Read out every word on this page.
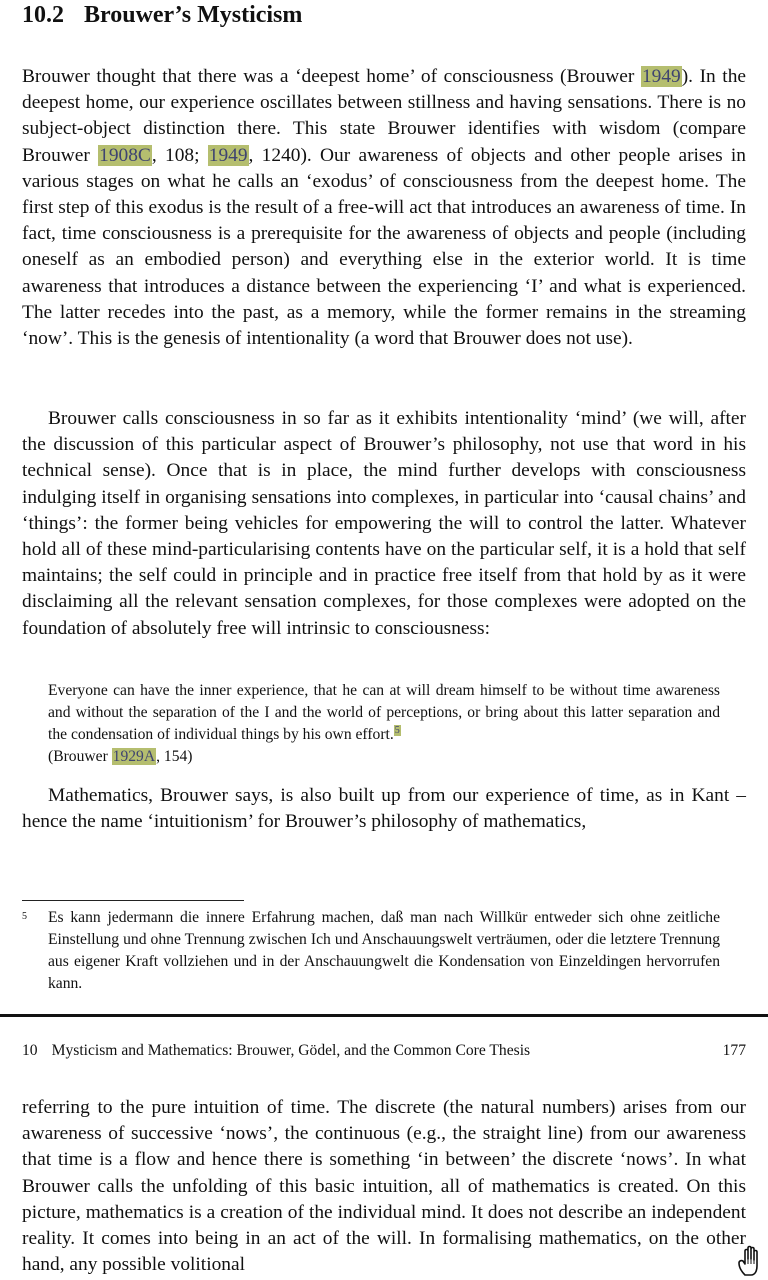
10.2 Brouwer’s Mysticism
Brouwer thought that there was a ‘deepest home’ of consciousness (Brouwer 1949). In the deepest home, our experience oscillates between stillness and having sensations. There is no subject-object distinction there. This state Brouwer identifies with wisdom (compare Brouwer 1908C, 108; 1949, 1240). Our awareness of objects and other people arises in various stages on what he calls an ‘exodus’ of consciousness from the deepest home. The first step of this exodus is the result of a free-will act that introduces an awareness of time. In fact, time consciousness is a prerequisite for the awareness of objects and people (including oneself as an embodied person) and everything else in the exterior world. It is time awareness that introduces a distance between the experiencing ‘I’ and what is experienced. The latter recedes into the past, as a memory, while the former remains in the streaming ‘now’. This is the genesis of intentionality (a word that Brouwer does not use).
Brouwer calls consciousness in so far as it exhibits intentionality ‘mind’ (we will, after the discussion of this particular aspect of Brouwer’s philosophy, not use that word in his technical sense). Once that is in place, the mind further develops with consciousness indulging itself in organising sensations into complexes, in particular into ‘causal chains’ and ‘things’: the former being vehicles for empowering the will to control the latter. Whatever hold all of these mind-particularising contents have on the particular self, it is a hold that self maintains; the self could in principle and in practice free itself from that hold by as it were disclaiming all the relevant sensation complexes, for those complexes were adopted on the foundation of absolutely free will intrinsic to consciousness:
Everyone can have the inner experience, that he can at will dream himself to be without time awareness and without the separation of the I and the world of perceptions, or bring about this latter separation and the condensation of individual things by his own effort.$^5$
(Brouwer 1929A, 154)
Mathematics, Brouwer says, is also built up from our experience of time, as in Kant – hence the name ‘intuitionism’ for Brouwer’s philosophy of mathematics,
5 Es kann jedermann die innere Erfahrung machen, daß man nach Willkür entweder sich ohne zeitliche Einstellung und ohne Trennung zwischen Ich und Anschauungswelt verträumen, oder die letztere Trennung aus eigener Kraft vollziehen und in der Anschauungwelt die Kondensation von Einzeldingen hervorrufen kann.
10 Mysticism and Mathematics: Brouwer, Gödel, and the Common Core Thesis	177
referring to the pure intuition of time. The discrete (the natural numbers) arises from our awareness of successive ‘nows’, the continuous (e.g., the straight line) from our awareness that time is a flow and hence there is something ‘in between’ the discrete ‘nows’. In what Brouwer calls the unfolding of this basic intuition, all of mathematics is created. On this picture, mathematics is a creation of the individual mind. It does not describe an independent reality. It comes into being in an act of the will. In formalising mathematics, on the other hand, any possible volitional
